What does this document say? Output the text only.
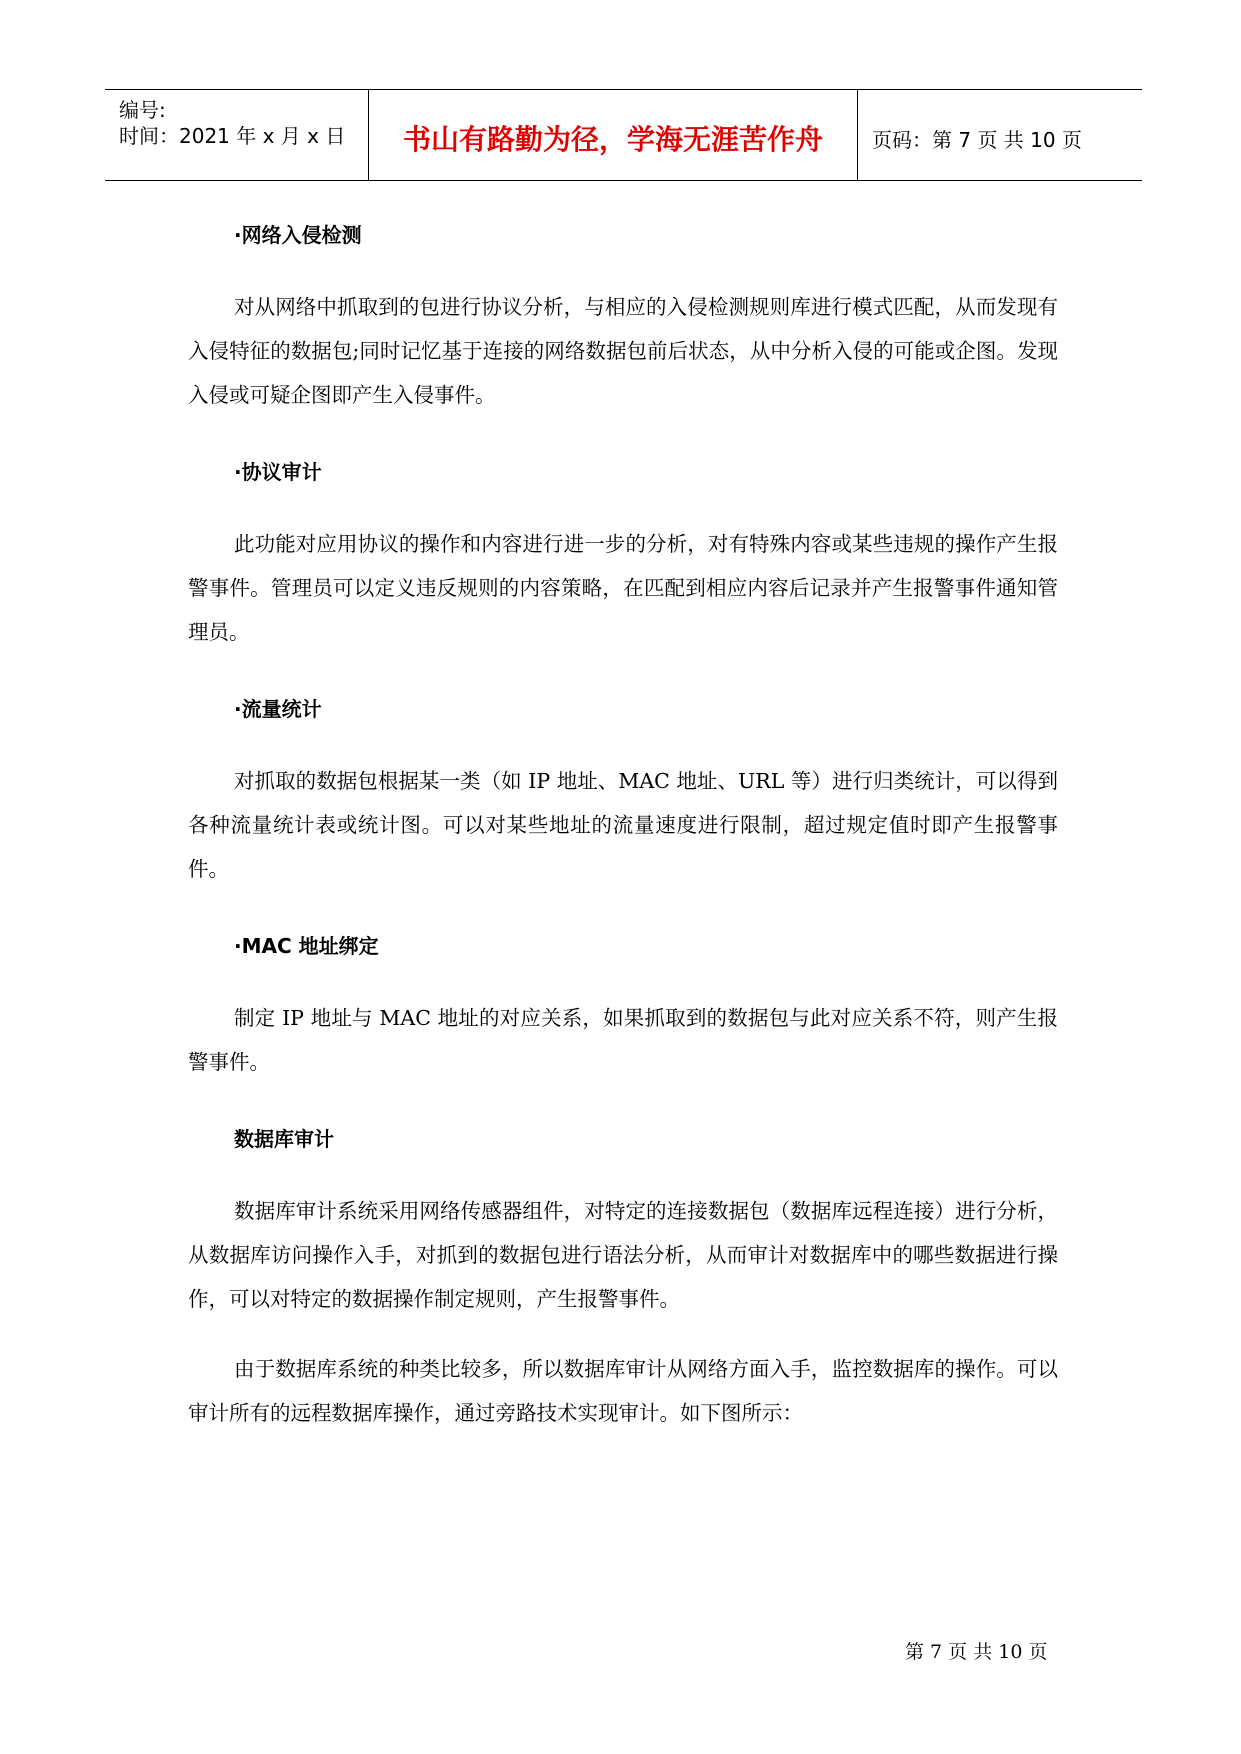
编号:
时间：2021 年 x 月 x 日	书山有路勤为径，学海无涯苦作舟	页码：第 7 页 共 10 页
·网络入侵检测

对从网络中抓取到的包进行协议分析，与相应的入侵检测规则库进行模式匹配，从而发现有入侵特征的数据包;同时记忆基于连接的网络数据包前后状态，从中分析入侵的可能或企图。发现入侵或可疑企图即产生入侵事件。

·协议审计

此功能对应用协议的操作和内容进行进一步的分析，对有特殊内容或某些违规的操作产生报警事件。管理员可以定义违反规则的内容策略，在匹配到相应内容后记录并产生报警事件通知管理员。

·流量统计

对抓取的数据包根据某一类（如 IP 地址、MAC 地址、URL 等）进行归类统计，可以得到各种流量统计表或统计图。可以对某些地址的流量速度进行限制，超过规定值时即产生报警事件。

·MAC 地址绑定

制定 IP 地址与 MAC 地址的对应关系，如果抓取到的数据包与此对应关系不符，则产生报警事件。

数据库审计

数据库审计系统采用网络传感器组件，对特定的连接数据包（数据库远程连接）进行分析，从数据库访问操作入手，对抓到的数据包进行语法分析，从而审计对数据库中的哪些数据进行操作，可以对特定的数据操作制定规则，产生报警事件。

由于数据库系统的种类比较多，所以数据库审计从网络方面入手，监控数据库的操作。可以审计所有的远程数据库操作，通过旁路技术实现审计。如下图所示：

第 7 页 共 10 页
